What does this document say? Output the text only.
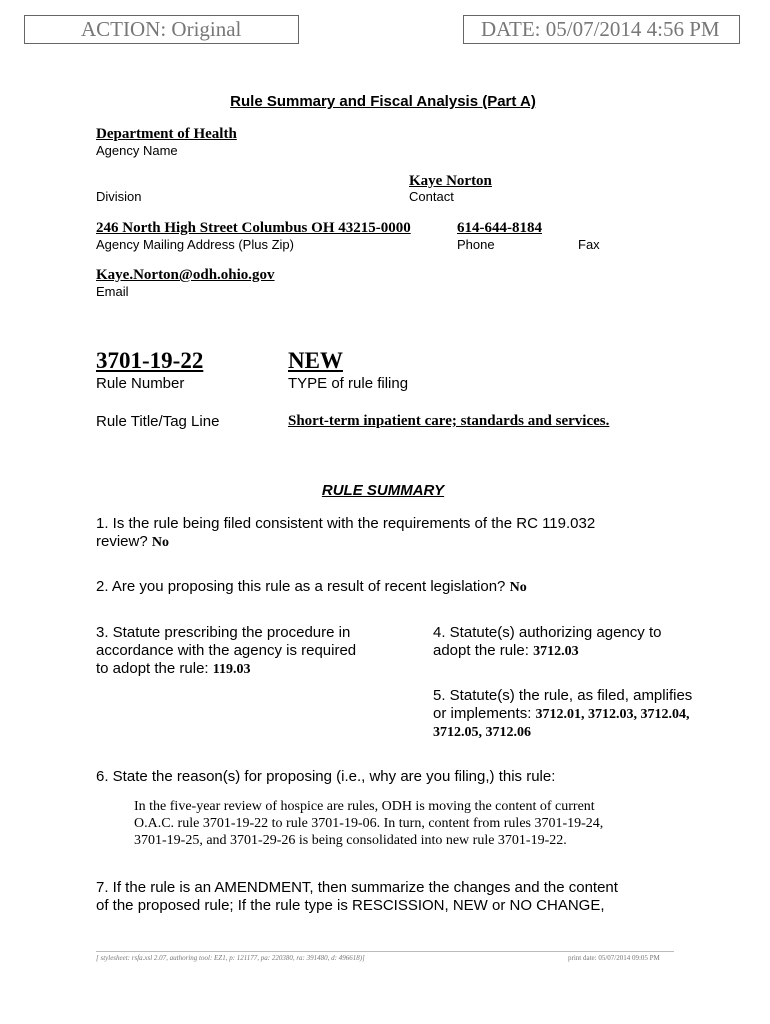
ACTION: Original	DATE: 05/07/2014 4:56 PM
Rule Summary and Fiscal Analysis (Part A)
Department of Health
Agency Name
Kaye Norton
Division	Contact
246 North High Street Columbus OH 43215-0000	614-644-8184
Agency Mailing Address (Plus Zip)	Phone	Fax
Kaye.Norton@odh.ohio.gov
Email
3701-19-22	NEW
Rule Number	TYPE of rule filing
Rule Title/Tag Line	Short-term inpatient care; standards and services.
RULE SUMMARY
1. Is the rule being filed consistent with the requirements of the RC 119.032
review? No
2. Are you proposing this rule as a result of recent legislation? No
3. Statute prescribing the procedure in
accordance with the agency is required
to adopt the rule: 119.03
4. Statute(s) authorizing agency to
adopt the rule: 3712.03
5. Statute(s) the rule, as filed, amplifies
or implements: 3712.01, 3712.03, 3712.04,
3712.05, 3712.06
6. State the reason(s) for proposing (i.e., why are you filing,) this rule:
In the five-year review of hospice are rules, ODH is moving the content of current
O.A.C. rule 3701-19-22 to rule 3701-19-06. In turn, content from rules 3701-19-24,
3701-19-25, and 3701-29-26 is being consolidated into new rule 3701-19-22.
7. If the rule is an AMENDMENT, then summarize the changes and the content
of the proposed rule; If the rule type is RESCISSION, NEW or NO CHANGE,
[ stylesheet: rsfa.xsl 2.07, authoring tool: EZ1, p: 121177, pa: 220380, ra: 391480, d: 496618)]	print date: 05/07/2014 09:05 PM
